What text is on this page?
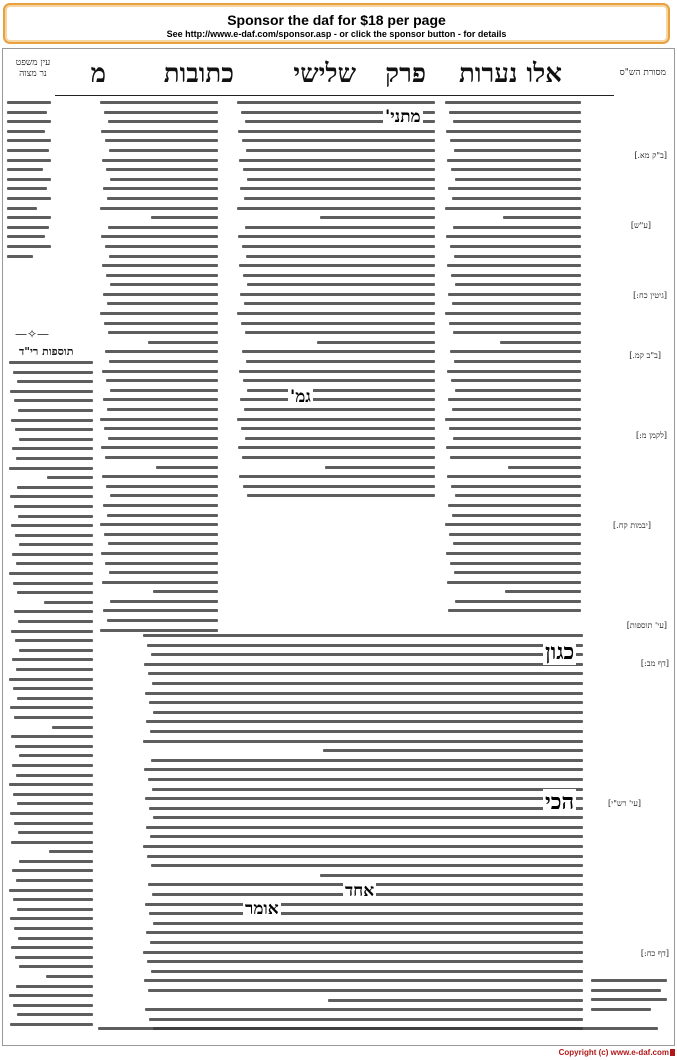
Sponsor the daf for $18 per page
See http://www.e-daf.com/sponsor.asp - or click the sponsor button - for details
אלו נערות
פרק
שלישי
כתובות
מ
עין משפט
נר מצוה	מסורת הש"ס
—✧—
תוספות רי"ד
מתני'
גמ'
[ב"ק מא.]
[ע"ש]
[גיטין כח:]
[ב"ב קמ.]
[לקמן מ:]
[יבמות קח.]
[עי' תוספות]
כגון
הכי
אחד
אומר
[דף מב:]
[עי' רש"י]
[דף כח:]
Copyright (c) www.e-daf.com
